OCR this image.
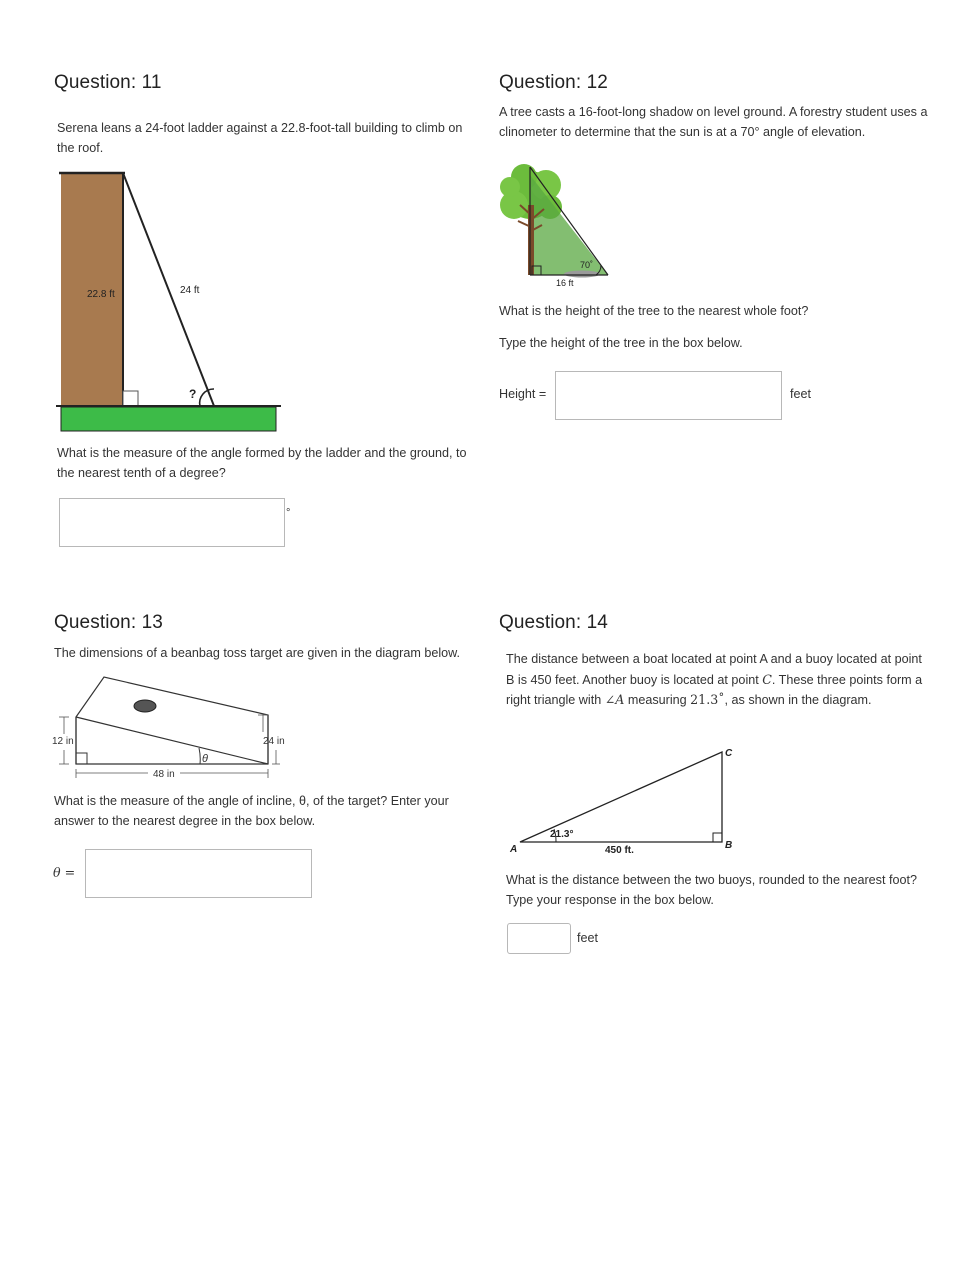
Question: 11

Serena leans a 24-foot ladder against a 22.8-foot-tall building to climb on the roof.

22.8 ft	24 ft
?

What is the measure of the angle formed by the ladder and the ground, to the nearest tenth of a degree?

°
Question: 12

A tree casts a 16-foot-long shadow on level ground. A forestry student uses a clinometer to determine that the sun is at a 70° angle of elevation.

70˚
16 ft

What is the height of the tree to the nearest whole foot?

Type the height of the tree in the box below.

Height =	feet
Question: 13

The dimensions of a beanbag toss target are given in the diagram below.

12 in	24 in
48 in
θ

What is the measure of the angle of incline, θ, of the target? Enter your answer to the nearest degree in the box below.

θ =
Question: 14

The distance between a boat located at point A and a buoy located at point B is 450 feet. Another buoy is located at point C. These three points form a right triangle with ∠A measuring 21.3˚, as shown in the diagram.

A	B
C
21.3°
450 ft.

What is the distance between the two buoys, rounded to the nearest foot? Type your response in the box below.

feet
